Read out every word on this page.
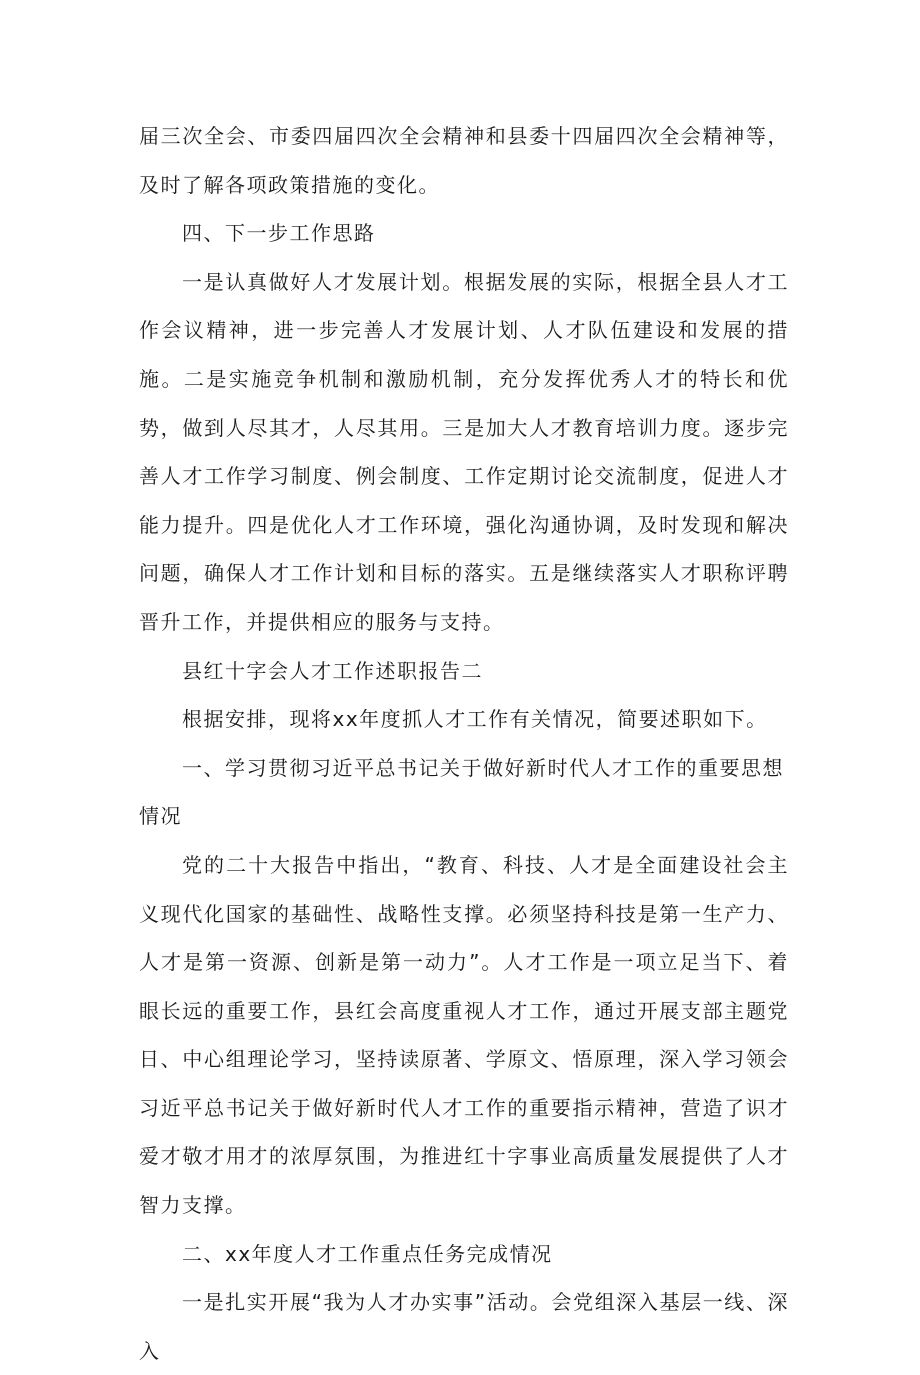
届三次全会、市委四届四次全会精神和县委十四届四次全会精神等，及时了解各项政策措施的变化。

四、下一步工作思路

一是认真做好人才发展计划。根据发展的实际，根据全县人才工作会议精神，进一步完善人才发展计划、人才队伍建设和发展的措施。二是实施竞争机制和激励机制，充分发挥优秀人才的特长和优势，做到人尽其才，人尽其用。三是加大人才教育培训力度。逐步完善人才工作学习制度、例会制度、工作定期讨论交流制度，促进人才能力提升。四是优化人才工作环境，强化沟通协调，及时发现和解决问题，确保人才工作计划和目标的落实。五是继续落实人才职称评聘晋升工作，并提供相应的服务与支持。

县红十字会人才工作述职报告二

根据安排，现将xx年度抓人才工作有关情况，简要述职如下。

一、学习贯彻习近平总书记关于做好新时代人才工作的重要思想情况

党的二十大报告中指出，“教育、科技、人才是全面建设社会主义现代化国家的基础性、战略性支撑。必须坚持科技是第一生产力、人才是第一资源、创新是第一动力”。人才工作是一项立足当下、着眼长远的重要工作，县红会高度重视人才工作，通过开展支部主题党日、中心组理论学习，坚持读原著、学原文、悟原理，深入学习领会习近平总书记关于做好新时代人才工作的重要指示精神，营造了识才爱才敬才用才的浓厚氛围，为推进红十字事业高质量发展提供了人才智力支撑。

二、xx年度人才工作重点任务完成情况

一是扎实开展“我为人才办实事”活动。会党组深入基层一线、深入
